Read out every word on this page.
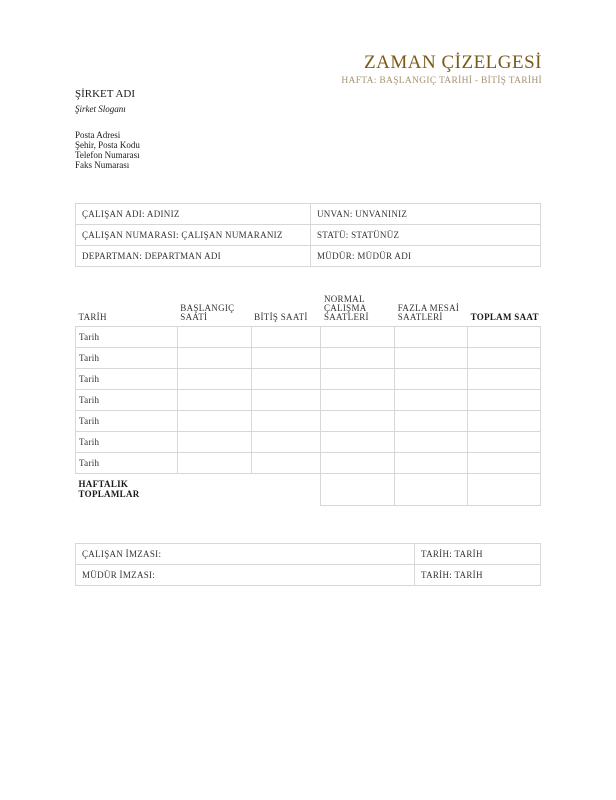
ZAMAN ÇİZELGESİ
HAFTA: BAŞLANGIÇ TARİHİ - BİTİŞ TARİHİ
ŞİRKET ADI
Şirket Sloganı
Posta Adresi
Şehir, Posta Kodu
Telefon Numarası
Faks Numarası
ÇALIŞAN ADI: ADINIZ	UNVAN: UNVANINIZ
ÇALIŞAN NUMARASI: ÇALIŞAN NUMARANIZ	STATÜ: STATÜNÜZ
DEPARTMAN: DEPARTMAN ADI	MÜDÜR: MÜDÜR ADI
TARİH	BAŞLANGIÇ SAATİ	BİTİŞ SAATİ	NORMAL ÇALIŞMA SAATLERİ	FAZLA MESAİ SAATLERİ	TOPLAM SAAT
Tarih					
Tarih					
Tarih					
Tarih					
Tarih					
Tarih					
Tarih					
HAFTALIK TOPLAMLAR					
ÇALIŞAN İMZASI:	TARİH: TARİH
MÜDÜR İMZASI:	TARİH: TARİH
